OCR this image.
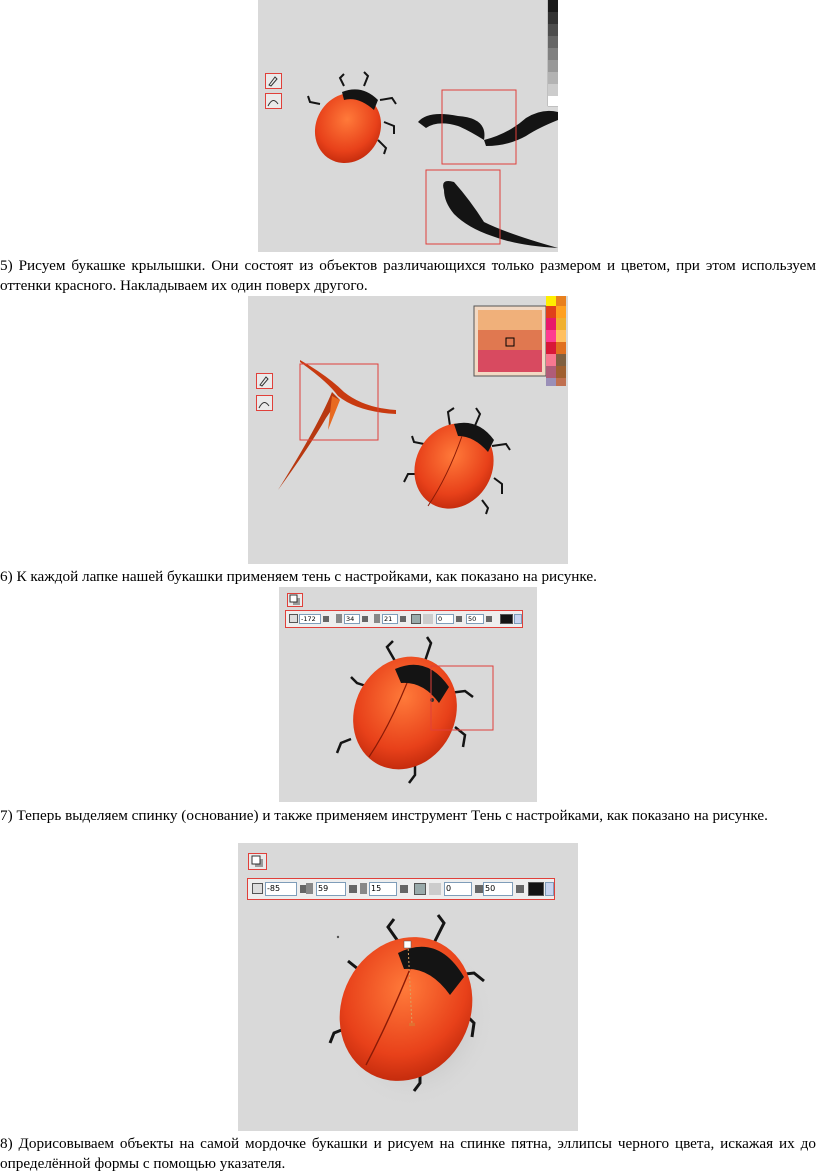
5) Рисуем букашке крылышки. Они состоят из объектов различающихся только размером и цветом, при этом используем оттенки красного. Накладываем их один поверх другого.

6) К каждой лапке нашей букашки применяем тень с настройками, как показано на рисунке.

-172	34	21	0	50

7) Теперь выделяем спинку (основание) и также применяем инструмент Тень с настройками, как показано на рисунке.

-85	59	15	0	50

8) Дорисовываем объекты на самой мордочке букашки и рисуем на спинке пятна, эллипсы черного цвета, искажая их до определённой формы с помощью указателя.
